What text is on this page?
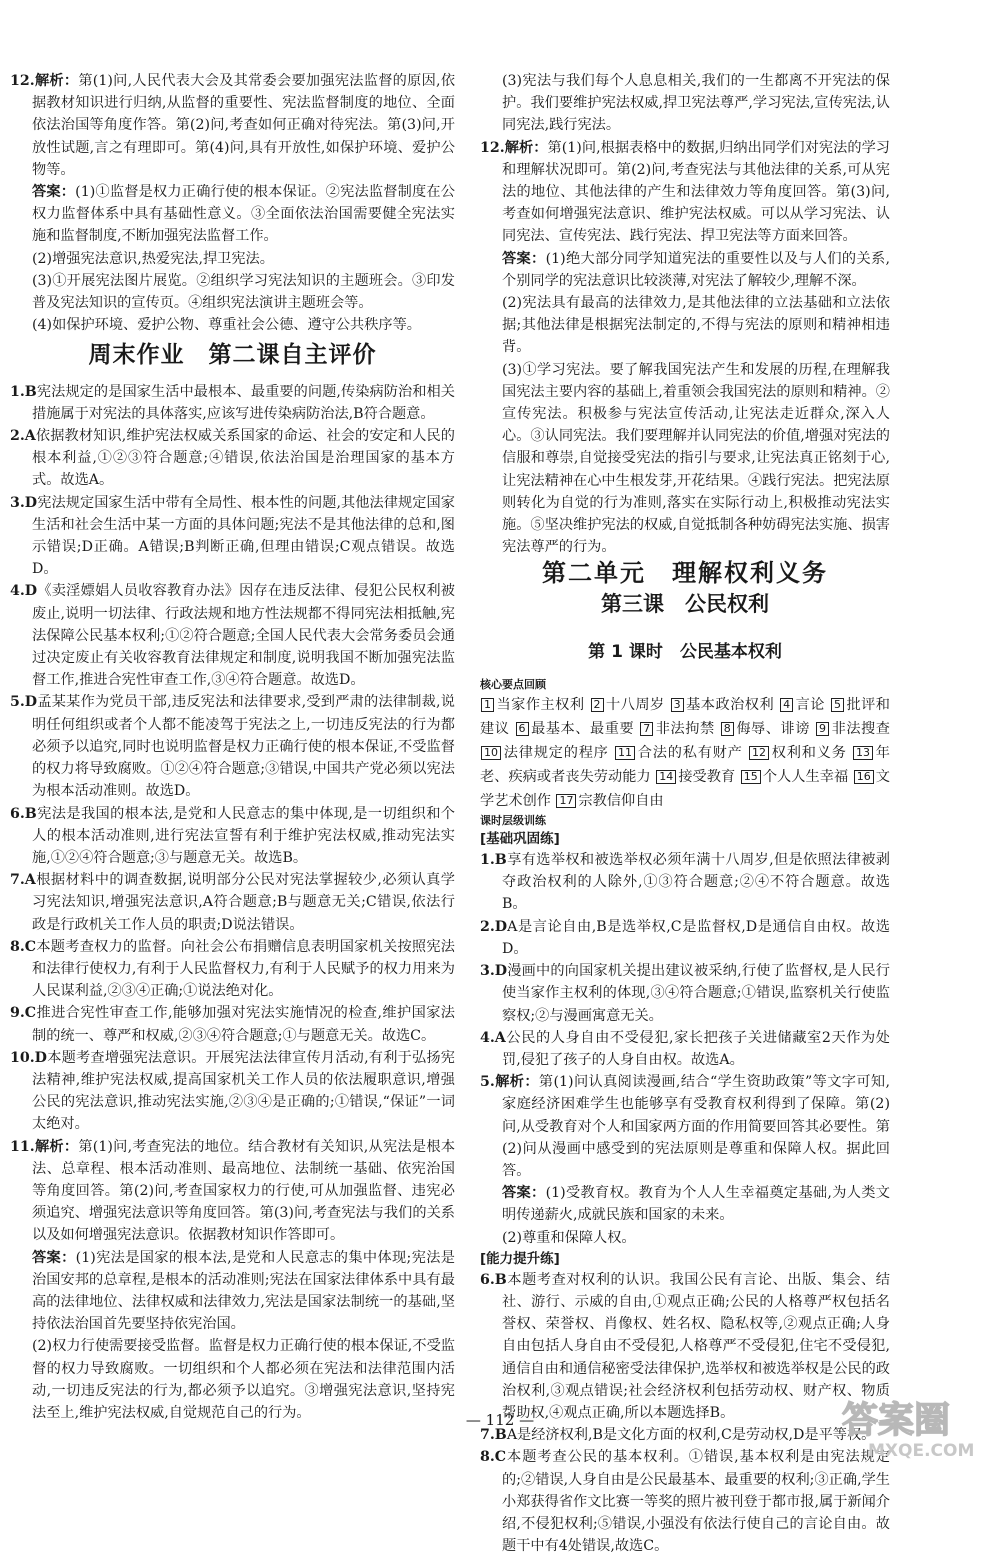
12.解析：第(1)问,人民代表大会及其常委会要加强宪法监督的原因,依据教材知识进行归纳,从监督的重要性、宪法监督制度的地位、全面依法治国等角度作答。第(2)问,考查如何正确对待宪法。第(3)问,开放性试题,言之有理即可。第(4)问,具有开放性,如保护环境、爱护公物等。

答案：(1)①监督是权力正确行使的根本保证。②宪法监督制度在公权力监督体系中具有基础性意义。③全面依法治国需要健全宪法实施和监督制度,不断加强宪法监督工作。

(2)增强宪法意识,热爱宪法,捍卫宪法。

(3)①开展宪法图片展览。②组织学习宪法知识的主题班会。③印发普及宪法知识的宣传页。④组织宪法演讲主题班会等。

(4)如保护环境、爱护公物、尊重社会公德、遵守公共秩序等。

周末作业　第二课自主评价

1.B宪法规定的是国家生活中最根本、最重要的问题,传染病防治和相关措施属于对宪法的具体落实,应该写进传染病防治法,B符合题意。

2.A依据教材知识,维护宪法权威关系国家的命运、社会的安定和人民的根本利益,①②③符合题意;④错误,依法治国是治理国家的基本方式。故选A。

3.D宪法规定国家生活中带有全局性、根本性的问题,其他法律规定国家生活和社会生活中某一方面的具体问题;宪法不是其他法律的总和,图示错误;D正确。A错误;B判断正确,但理由错误;C观点错误。故选D。

4.D《卖淫嫖娼人员收容教育办法》因存在违反法律、侵犯公民权利被废止,说明一切法律、行政法规和地方性法规都不得同宪法相抵触,宪法保障公民基本权利;①②符合题意;全国人民代表大会常务委员会通过决定废止有关收容教育法律规定和制度,说明我国不断加强宪法监督工作,推进合宪性审查工作,③④符合题意。故选D。

5.D孟某某作为党员干部,违反宪法和法律要求,受到严肃的法律制裁,说明任何组织或者个人都不能凌驾于宪法之上,一切违反宪法的行为都必须予以追究,同时也说明监督是权力正确行使的根本保证,不受监督的权力将导致腐败。①②④符合题意;③错误,中国共产党必须以宪法为根本活动准则。故选D。

6.B宪法是我国的根本法,是党和人民意志的集中体现,是一切组织和个人的根本活动准则,进行宪法宣誓有利于维护宪法权威,推动宪法实施,①②④符合题意;③与题意无关。故选B。

7.A根据材料中的调查数据,说明部分公民对宪法掌握较少,必须认真学习宪法知识,增强宪法意识,A符合题意;B与题意无关;C错误,依法行政是行政机关工作人员的职责;D说法错误。

8.C本题考查权力的监督。向社会公布捐赠信息表明国家机关按照宪法和法律行使权力,有利于人民监督权力,有利于人民赋予的权力用来为人民谋利益,②③④正确;①说法绝对化。

9.C推进合宪性审查工作,能够加强对宪法实施情况的检查,维护国家法制的统一、尊严和权威,②③④符合题意;①与题意无关。故选C。

10.D本题考查增强宪法意识。开展宪法法律宣传月活动,有利于弘扬宪法精神,维护宪法权威,提高国家机关工作人员的依法履职意识,增强公民的宪法意识,推动宪法实施,②③④是正确的;①错误,“保证”一词太绝对。

11.解析：第(1)问,考查宪法的地位。结合教材有关知识,从宪法是根本法、总章程、根本活动准则、最高地位、法制统一基础、依宪治国等角度回答。第(2)问,考查国家权力的行使,可从加强监督、违宪必须追究、增强宪法意识等角度回答。第(3)问,考查宪法与我们的关系以及如何增强宪法意识。依据教材知识作答即可。

答案：(1)宪法是国家的根本法,是党和人民意志的集中体现;宪法是治国安邦的总章程,是根本的活动准则;宪法在国家法律体系中具有最高的法律地位、法律权威和法律效力,宪法是国家法制统一的基础,坚持依法治国首先要坚持依宪治国。

(2)权力行使需要接受监督。监督是权力正确行使的根本保证,不受监督的权力导致腐败。一切组织和个人都必须在宪法和法律范围内活动,一切违反宪法的行为,都必须予以追究。③增强宪法意识,坚持宪法至上,维护宪法权威,自觉规范自己的行为。

(3)宪法与我们每个人息息相关,我们的一生都离不开宪法的保护。我们要维护宪法权威,捍卫宪法尊严,学习宪法,宣传宪法,认同宪法,践行宪法。

12.解析：第(1)问,根据表格中的数据,归纳出同学们对宪法的学习和理解状况即可。第(2)问,考查宪法与其他法律的关系,可从宪法的地位、其他法律的产生和法律效力等角度回答。第(3)问,考查如何增强宪法意识、维护宪法权威。可以从学习宪法、认同宪法、宣传宪法、践行宪法、捍卫宪法等方面来回答。

答案：(1)绝大部分同学知道宪法的重要性以及与人们的关系,个别同学的宪法意识比较淡薄,对宪法了解较少,理解不深。

(2)宪法具有最高的法律效力,是其他法律的立法基础和立法依据;其他法律是根据宪法制定的,不得与宪法的原则和精神相违背。

(3)①学习宪法。要了解我国宪法产生和发展的历程,在理解我国宪法主要内容的基础上,着重领会我国宪法的原则和精神。②宣传宪法。积极参与宪法宣传活动,让宪法走近群众,深入人心。③认同宪法。我们要理解并认同宪法的价值,增强对宪法的信服和尊崇,自觉接受宪法的指引与要求,让宪法真正铭刻于心,让宪法精神在心中生根发芽,开花结果。④践行宪法。把宪法原则转化为自觉的行为准则,落实在实际行动上,积极推动宪法实施。⑤坚决维护宪法的权威,自觉抵制各种妨碍宪法实施、损害宪法尊严的行为。

第二单元　理解权利义务
第三课　公民权利
第 1 课时　公民基本权利

核心要点回顾

1 当家作主权利 2 十八周岁 3 基本政治权利 4 言论 5 批评和建议 6 最基本、最重要 7 非法拘禁 8 侮辱、诽谤 9 非法搜查 10 法律规定的程序 11 合法的私有财产 12 权利和义务 13 年老、疾病或者丧失劳动能力 14 接受教育 15 个人人生幸福 16 文学艺术创作 17 宗教信仰自由

课时层级训练

[基础巩固练]

1.B享有选举权和被选举权必须年满十八周岁,但是依照法律被剥夺政治权利的人除外,①③符合题意;②④不符合题意。故选B。

2.DA是言论自由,B是选举权,C是监督权,D是通信自由权。故选D。

3.D漫画中的向国家机关提出建议被采纳,行使了监督权,是人民行使当家作主权利的体现,③④符合题意;①错误,监察机关行使监察权;②与漫画寓意无关。

4.A公民的人身自由不受侵犯,家长把孩子关进储藏室2天作为处罚,侵犯了孩子的人身自由权。故选A。

5.解析：第(1)问认真阅读漫画,结合“学生资助政策”等文字可知,家庭经济困难学生也能够享有受教育权利得到了保障。第(2)问,从受教育对个人和国家两方面的作用简要回答其必要性。第(2)问从漫画中感受到的宪法原则是尊重和保障人权。据此回答。

答案：(1)受教育权。教育为个人人生幸福奠定基础,为人类文明传递薪火,成就民族和国家的未来。

(2)尊重和保障人权。

[能力提升练]

6.B本题考查对权利的认识。我国公民有言论、出版、集会、结社、游行、示威的自由,①观点正确;公民的人格尊严权包括名誉权、荣誉权、肖像权、姓名权、隐私权等,②观点正确;人身自由包括人身自由不受侵犯,人格尊严不受侵犯,住宅不受侵犯,通信自由和通信秘密受法律保护,选举权和被选举权是公民的政治权利,③观点错误;社会经济权利包括劳动权、财产权、物质帮助权,④观点正确,所以本题选择B。

7.BA是经济权利,B是文化方面的权利,C是劳动权,D是平等权。

8.C本题考查公民的基本权利。①错误,基本权利是由宪法规定的;②错误,人身自由是公民最基本、最重要的权利;③正确,学生小郑获得省作文比赛一等奖的照片被刊登于都市报,属于新闻介绍,不侵犯权利;⑤错误,小强没有依法行使自己的言论自由。故题干中有4处错误,故选C。

— 112 —	答案圈
MXQE.COM
